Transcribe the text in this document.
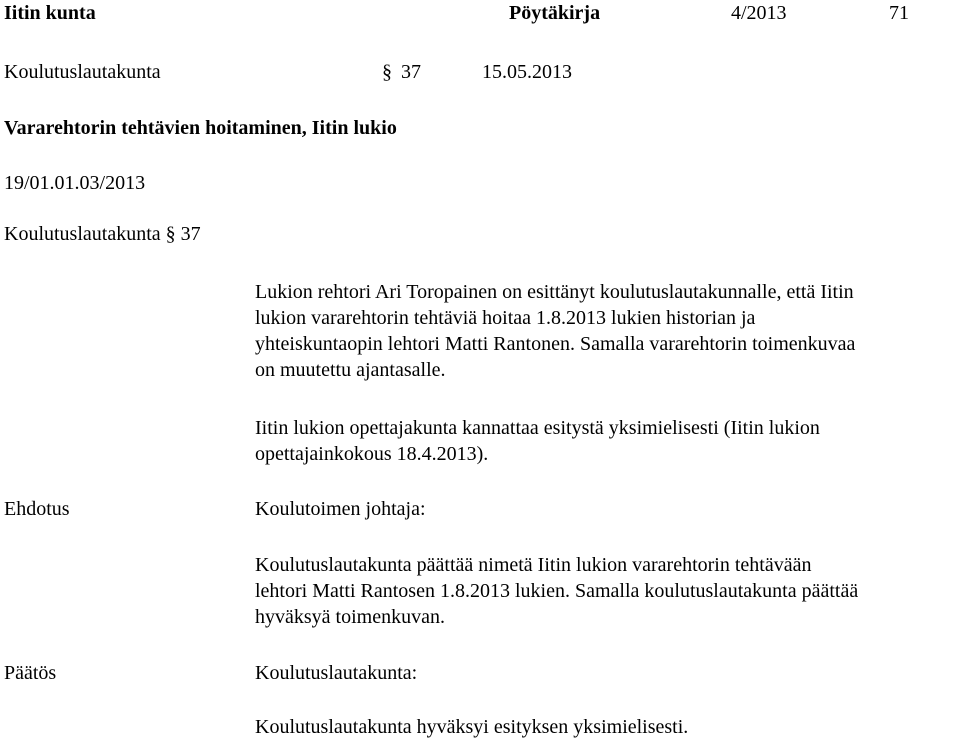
Iitin kunta	Pöytäkirja	4/2013	71
Koulutuslautakunta	§ 37	15.05.2013
Vararehtorin tehtävien hoitaminen, Iitin lukio
19/01.01.03/2013
Koulutuslautakunta § 37
Lukion rehtori Ari Toropainen on esittänyt koulutuslautakunnalle, että Iitin
lukion vararehtorin tehtäviä hoitaa 1.8.2013 lukien historian ja
yhteiskuntaopin lehtori Matti Rantonen. Samalla vararehtorin toimenkuvaa
on muutettu ajantasalle.
Iitin lukion opettajakunta kannattaa esitystä yksimielisesti (Iitin lukion
opettajainkokous 18.4.2013).
Ehdotus	Koulutoimen johtaja:
Koulutuslautakunta päättää nimetä Iitin lukion vararehtorin tehtävään
lehtori Matti Rantosen 1.8.2013 lukien. Samalla koulutuslautakunta päättää
hyväksyä toimenkuvan.
Päätös	Koulutuslautakunta:
Koulutuslautakunta hyväksyi esityksen yksimielisesti.
